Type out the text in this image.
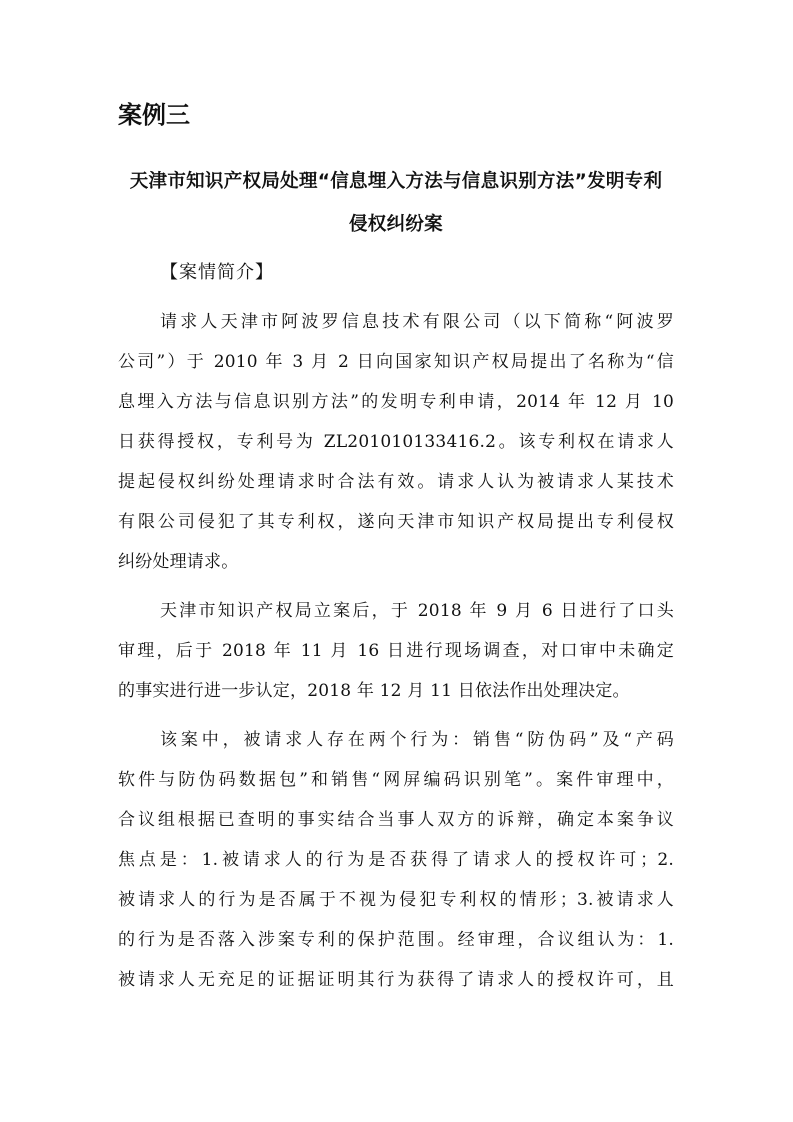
案例三
天津市知识产权局处理“信息埋入方法与信息识别方法”发明专利
侵权纠纷案

【案情简介】

请求人天津市阿波罗信息技术有限公司（以下简称“阿波罗
公司”）于 2010 年 3 月 2 日向国家知识产权局提出了名称为“信
息埋入方法与信息识别方法”的发明专利申请，2014 年 12 月 10
日获得授权，专利号为 ZL201010133416.2。该专利权在请求人
提起侵权纠纷处理请求时合法有效。请求人认为被请求人某技术
有限公司侵犯了其专利权，遂向天津市知识产权局提出专利侵权
纠纷处理请求。
天津市知识产权局立案后，于 2018 年 9 月 6 日进行了口头
审理，后于 2018 年 11 月 16 日进行现场调查，对口审中未确定
的事实进行进一步认定，2018 年 12 月 11 日依法作出处理决定。
该案中，被请求人存在两个行为：销售“防伪码”及“产码
软件与防伪码数据包”和销售“网屏编码识别笔”。案件审理中，
合议组根据已查明的事实结合当事人双方的诉辩，确定本案争议
焦点是：1.被请求人的行为是否获得了请求人的授权许可；2.
被请求人的行为是否属于不视为侵犯专利权的情形；3.被请求人
的行为是否落入涉案专利的保护范围。经审理，合议组认为：1.
被请求人无充足的证据证明其行为获得了请求人的授权许可，且
